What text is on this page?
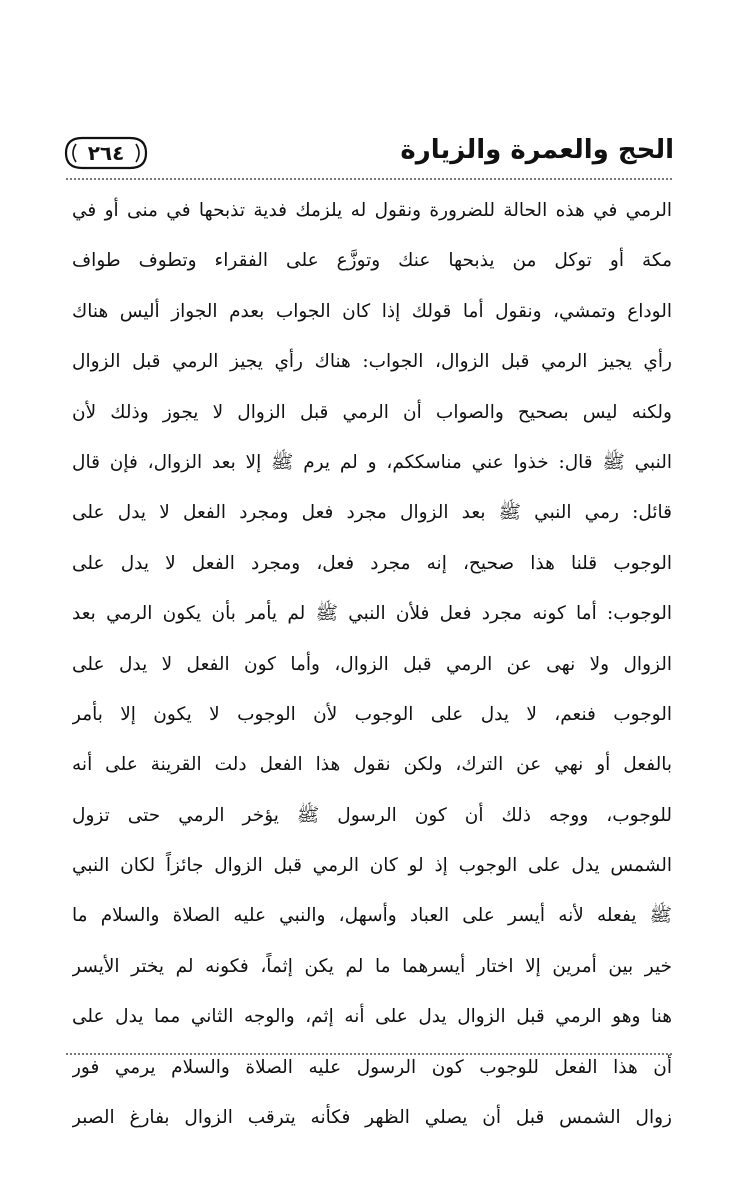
الحج والعمرة والزيارة
٢٦٤
الرمي في هذه الحالة للضرورة ونقول له يلزمك فدية تذبحها في منى أو في
مكة أو توكل من يذبحها عنك وتوزَّع على الفقراء وتطوف طواف
الوداع وتمشي، ونقول أما قولك إذا كان الجواب بعدم الجواز أليس هناك
رأي يجيز الرمي قبل الزوال، الجواب: هناك رأي يجيز الرمي قبل الزوال
ولكنه ليس بصحيح والصواب أن الرمي قبل الزوال لا يجوز وذلك لأن
النبي ﷺ قال: خذوا عني مناسككم، و لم يرم ﷺ إلا بعد الزوال، فإن قال
قائل: رمي النبي ﷺ بعد الزوال مجرد فعل ومجرد الفعل لا يدل على
الوجوب قلنا هذا صحيح، إنه مجرد فعل، ومجرد الفعل لا يدل على
الوجوب: أما كونه مجرد فعل فلأن النبي ﷺ لم يأمر بأن يكون الرمي بعد
الزوال ولا نهى عن الرمي قبل الزوال، وأما كون الفعل لا يدل على
الوجوب فنعم، لا يدل على الوجوب لأن الوجوب لا يكون إلا بأمر
بالفعل أو نهي عن الترك، ولكن نقول هذا الفعل دلت القرينة على أنه
للوجوب، ووجه ذلك أن كون الرسول ﷺ يؤخر الرمي حتى تزول
الشمس يدل على الوجوب إذ لو كان الرمي قبل الزوال جائزاً لكان النبي
ﷺ يفعله لأنه أيسر على العباد وأسهل، والنبي عليه الصلاة والسلام ما
خير بين أمرين إلا اختار أيسرهما ما لم يكن إثماً، فكونه لم يختر الأيسر
هنا وهو الرمي قبل الزوال يدل على أنه إثم، والوجه الثاني مما يدل على
أن هذا الفعل للوجوب كون الرسول عليه الصلاة والسلام يرمي فور
زوال الشمس قبل أن يصلي الظهر فكأنه يترقب الزوال بفارغ الصبر
